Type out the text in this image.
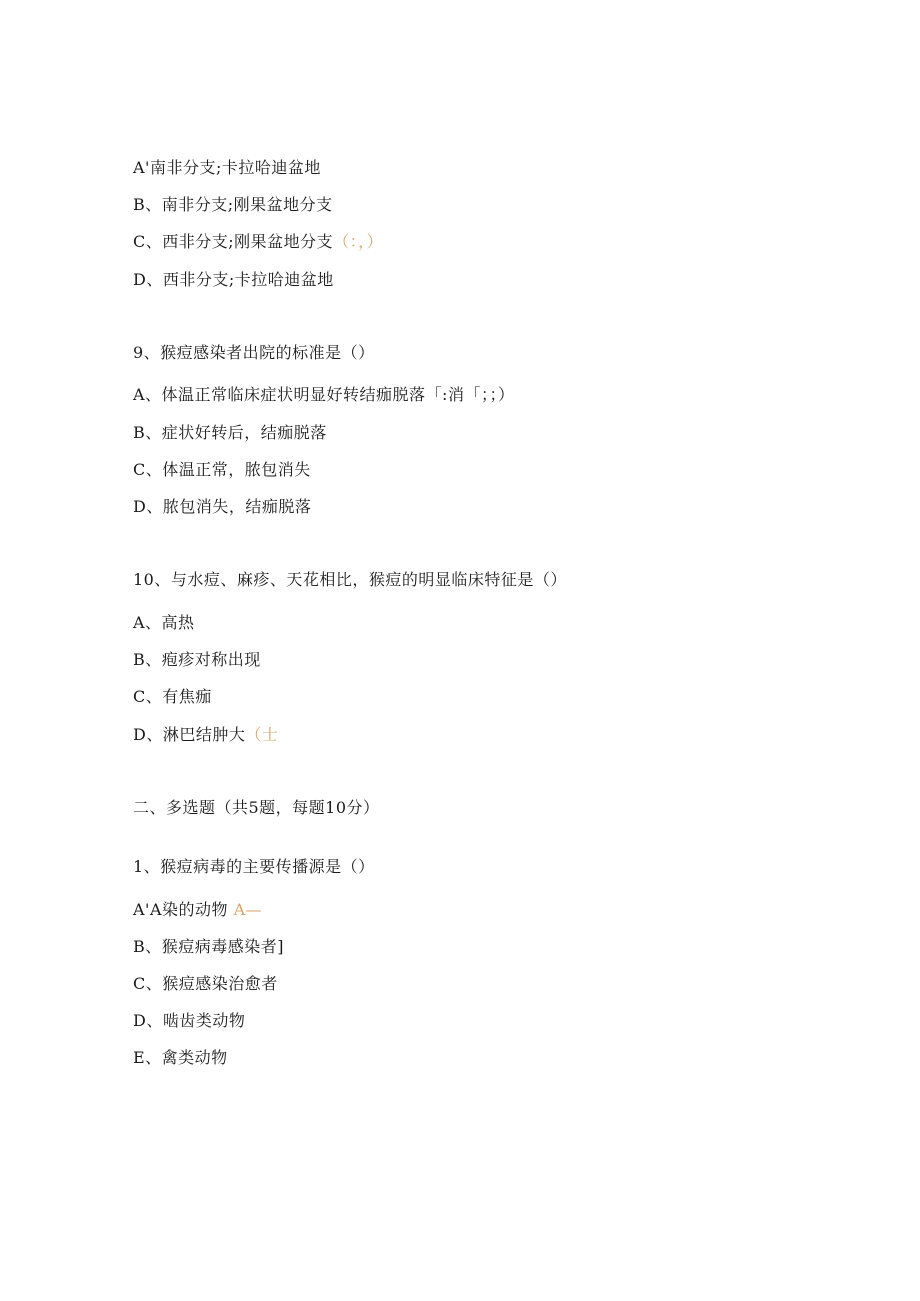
A'南非分支;卡拉哈迪盆地
B、南非分支;刚果盆地分支
C、西非分支;刚果盆地分支（：，）
D、西非分支;卡拉哈迪盆地
9、猴痘感染者出院的标准是（）
A、体温正常临床症状明显好转结痂脱落「:消「；；）
B、症状好转后，结痂脱落
C、体温正常，脓包消失
D、脓包消失，结痂脱落
10、与水痘、麻疹、天花相比，猴痘的明显临床特征是（）
A、高热
B、疱疹对称出现
C、有焦痂
D、淋巴结肿大（士
二、多选题（共5题，每题10分）
1、猴痘病毒的主要传播源是（）
A'A染的动物 A—
B、猴痘病毒感染者]
C、猴痘感染治愈者
D、啮齿类动物
E、禽类动物
